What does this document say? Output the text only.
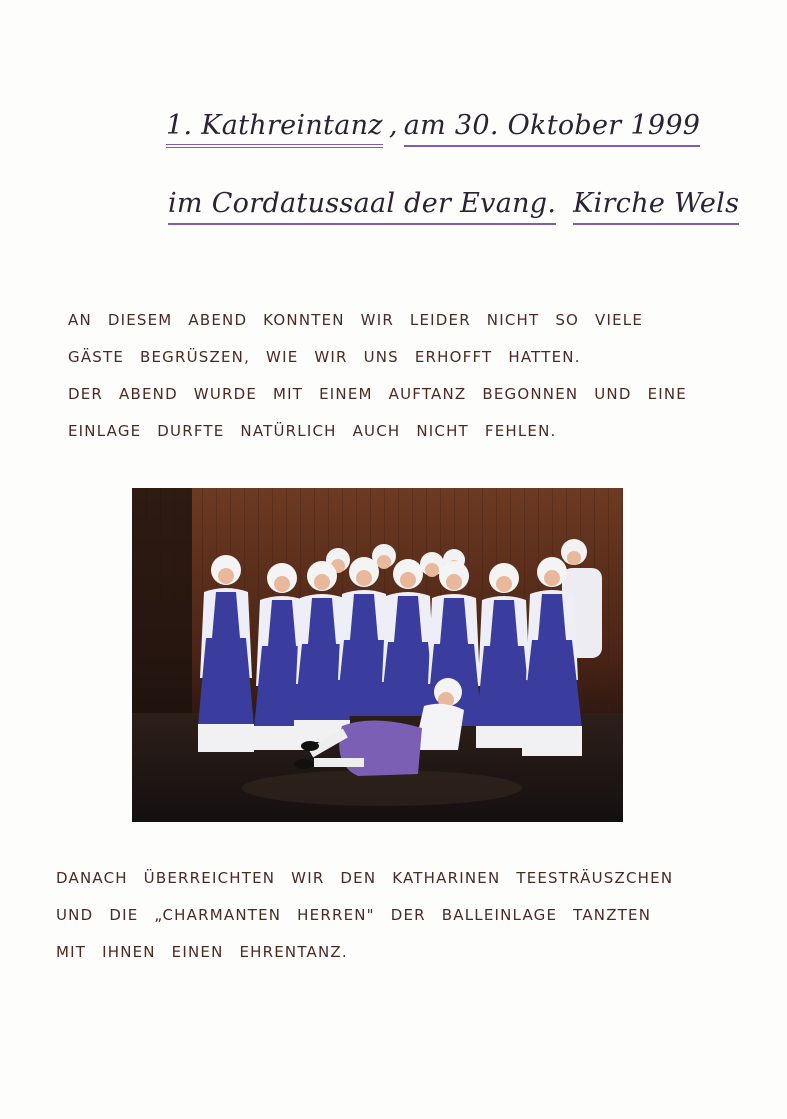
1. Kathreintanz , am 30. Oktober 1999
im Cordatussaal der Evang. Kirche Wels
AN DIESEM ABEND KONNTEN WIR LEIDER NICHT SO VIELE
GÄSTE BEGRÜSZEN, WIE WIR UNS ERHOFFT HATTEN.
DER ABEND WURDE MIT EINEM AUFTANZ BEGONNEN UND EINE
EINLAGE DURFTE NATÜRLICH AUCH NICHT FEHLEN.
DANACH ÜBERREICHTEN WIR DEN KATHARINEN TEESTRÄUSZCHEN
UND DIE „CHARMANTEN HERREN" DER BALLEINLAGE TANZTEN
MIT IHNEN EINEN EHRENTANZ.
